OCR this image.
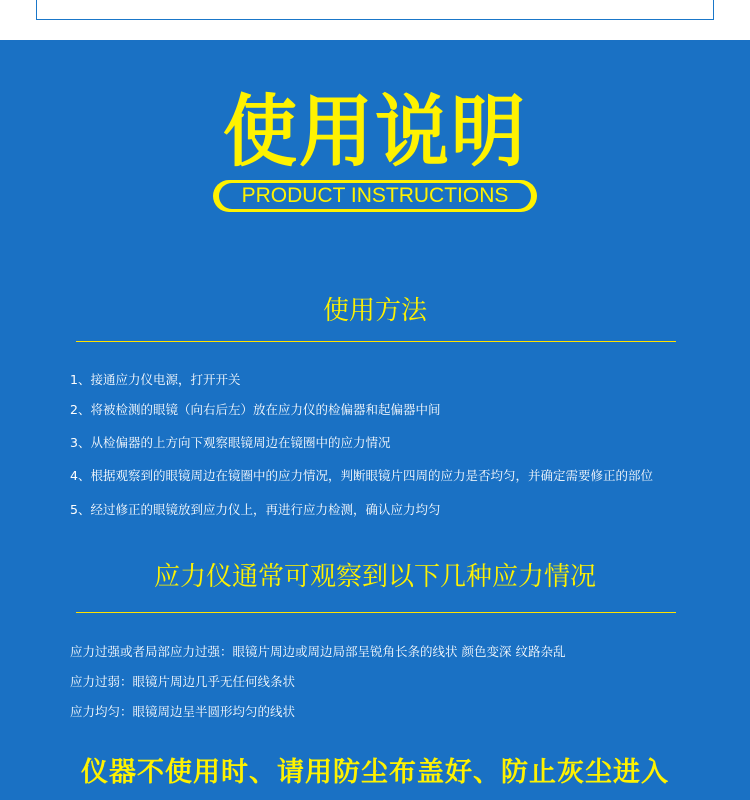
使用说明
PRODUCT INSTRUCTIONS
使用方法
1、接通应力仪电源，打开开关
2、将被检测的眼镜（向右后左）放在应力仪的检偏器和起偏器中间
3、从检偏器的上方向下观察眼镜周边在镜圈中的应力情况
4、根据观察到的眼镜周边在镜圈中的应力情况，判断眼镜片四周的应力是否均匀，并确定需要修正的部位
5、经过修正的眼镜放到应力仪上，再进行应力检测，确认应力均匀
应力仪通常可观察到以下几种应力情况
应力过强或者局部应力过强：眼镜片周边或周边局部呈锐角长条的线状 颜色变深 纹路杂乱
应力过弱：眼镜片周边几乎无任何线条状
应力均匀：眼镜周边呈半圆形均匀的线状
仪器不使用时、请用防尘布盖好、防止灰尘进入
